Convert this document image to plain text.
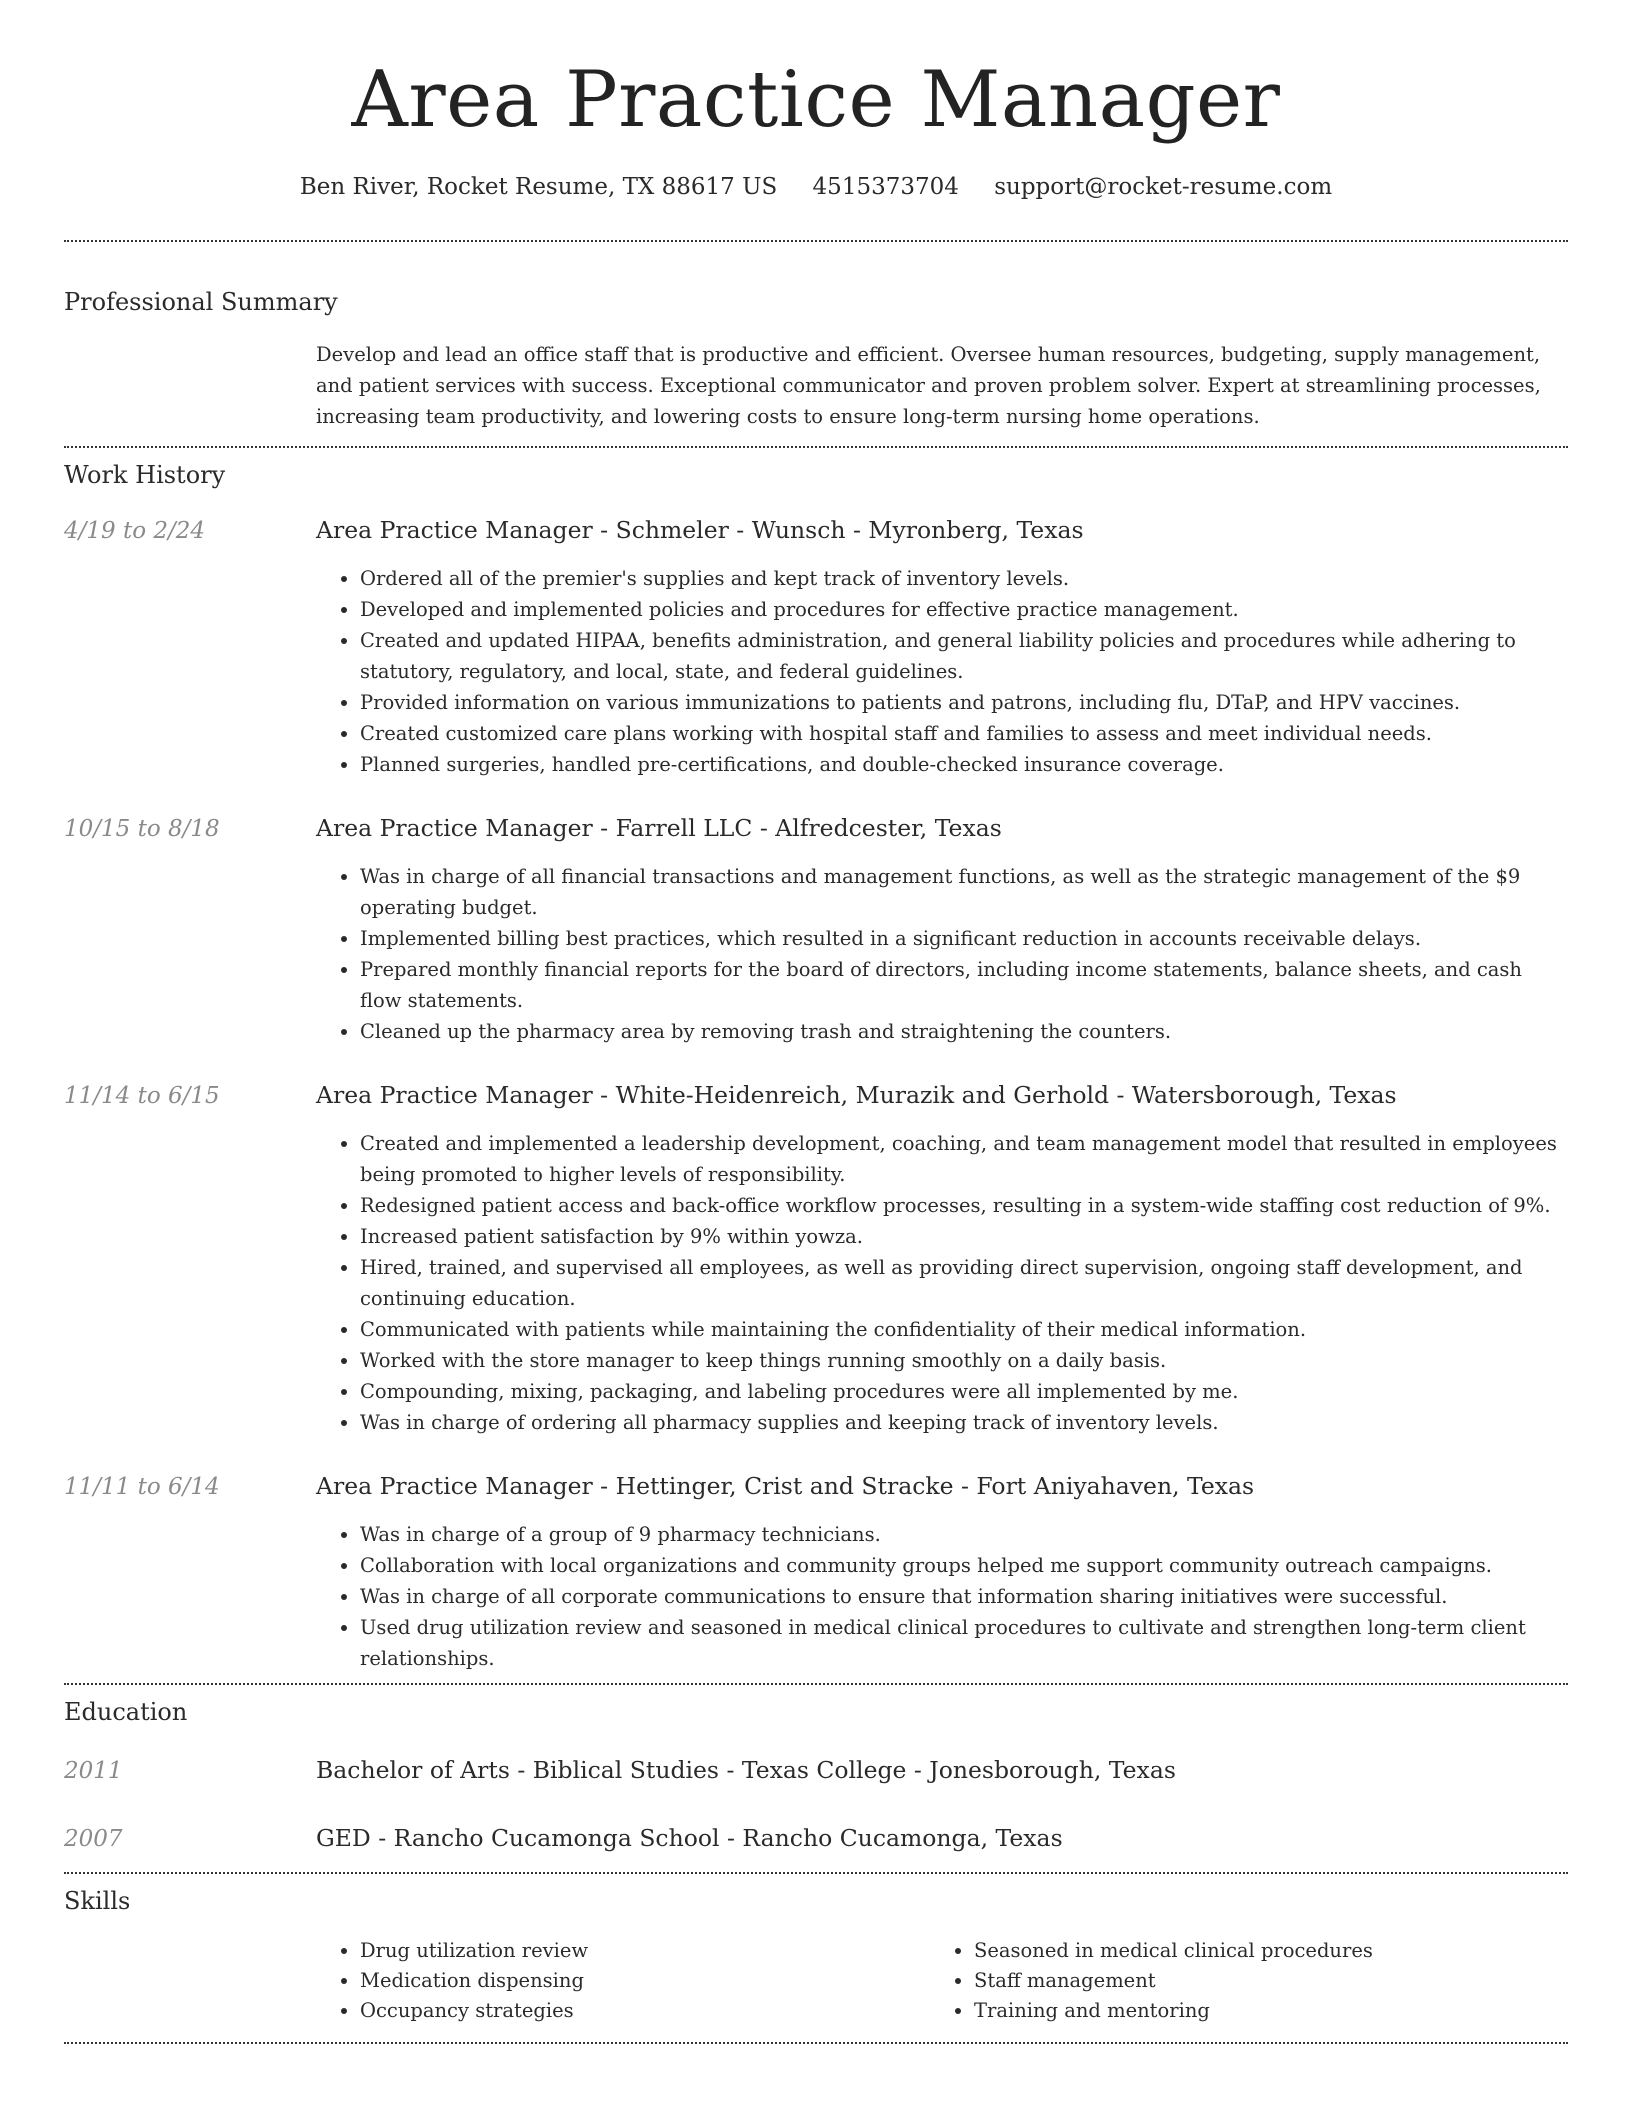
Area Practice Manager
Ben River, Rocket Resume, TX 88617 US 4515373704 support@rocket-resume.com
Professional Summary

Develop and lead an office staff that is productive and efficient. Oversee human resources, budgeting, supply management, and patient services with success. Exceptional communicator and proven problem solver. Expert at streamlining processes, increasing team productivity, and lowering costs to ensure long-term nursing home operations.

Work History
4/19 to 2/24	Area Practice Manager - Schmeler - Wunsch - Myronberg, Texas
• Ordered all of the premier's supplies and kept track of inventory levels.
• Developed and implemented policies and procedures for effective practice management.
• Created and updated HIPAA, benefits administration, and general liability policies and procedures while adhering to statutory, regulatory, and local, state, and federal guidelines.
• Provided information on various immunizations to patients and patrons, including flu, DTaP, and HPV vaccines.
• Created customized care plans working with hospital staff and families to assess and meet individual needs.
• Planned surgeries, handled pre-certifications, and double-checked insurance coverage.
10/15 to 8/18	Area Practice Manager - Farrell LLC - Alfredcester, Texas
• Was in charge of all financial transactions and management functions, as well as the strategic management of the $9 operating budget.
• Implemented billing best practices, which resulted in a significant reduction in accounts receivable delays.
• Prepared monthly financial reports for the board of directors, including income statements, balance sheets, and cash flow statements.
• Cleaned up the pharmacy area by removing trash and straightening the counters.
11/14 to 6/15	Area Practice Manager - White-Heidenreich, Murazik and Gerhold - Watersborough, Texas
• Created and implemented a leadership development, coaching, and team management model that resulted in employees being promoted to higher levels of responsibility.
• Redesigned patient access and back-office workflow processes, resulting in a system-wide staffing cost reduction of 9%.
• Increased patient satisfaction by 9% within yowza.
• Hired, trained, and supervised all employees, as well as providing direct supervision, ongoing staff development, and continuing education.
• Communicated with patients while maintaining the confidentiality of their medical information.
• Worked with the store manager to keep things running smoothly on a daily basis.
• Compounding, mixing, packaging, and labeling procedures were all implemented by me.
• Was in charge of ordering all pharmacy supplies and keeping track of inventory levels.
11/11 to 6/14	Area Practice Manager - Hettinger, Crist and Stracke - Fort Aniyahaven, Texas
• Was in charge of a group of 9 pharmacy technicians.
• Collaboration with local organizations and community groups helped me support community outreach campaigns.
• Was in charge of all corporate communications to ensure that information sharing initiatives were successful.
• Used drug utilization review and seasoned in medical clinical procedures to cultivate and strengthen long-term client relationships.
Education
2011	Bachelor of Arts - Biblical Studies - Texas College - Jonesborough, Texas
2007	GED - Rancho Cucamonga School - Rancho Cucamonga, Texas
Skills
• Drug utilization review
• Medication dispensing
• Occupancy strategies
• Seasoned in medical clinical procedures
• Staff management
• Training and mentoring
